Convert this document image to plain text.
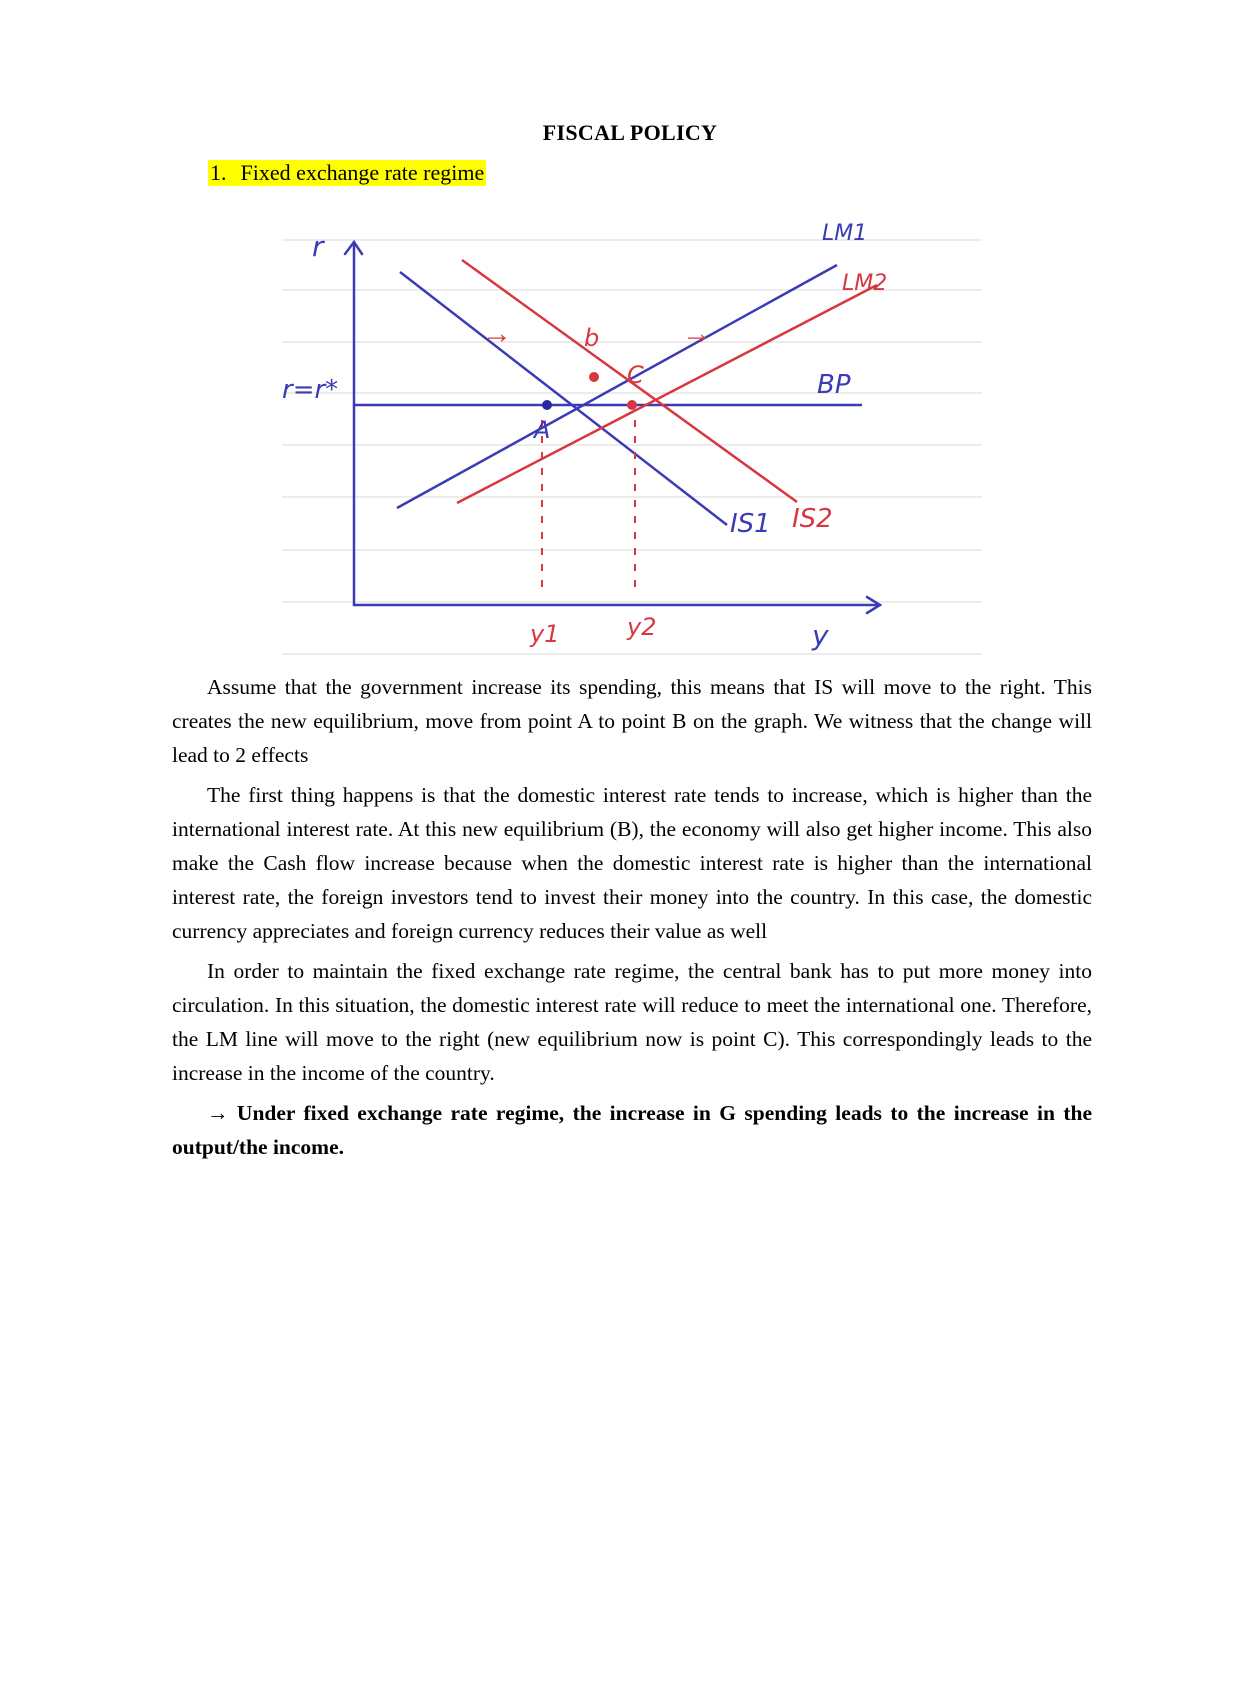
FISCAL POLICY
1. Fixed exchange rate regime
r
y
r=r*
LM1
LM2
BP
IS1 IS2
A
b
C
y1	y2
→	→

Assume that the government increase its spending, this means that IS will move to the right. This creates the new equilibrium, move from point A to point B on the graph. We witness that the change will lead to 2 effects

The first thing happens is that the domestic interest rate tends to increase, which is higher than the international interest rate. At this new equilibrium (B), the economy will also get higher income. This also make the Cash flow increase because when the domestic interest rate is higher than the international interest rate, the foreign investors tend to invest their money into the country. In this case, the domestic currency appreciates and foreign currency reduces their value as well

In order to maintain the fixed exchange rate regime, the central bank has to put more money into circulation. In this situation, the domestic interest rate will reduce to meet the international one. Therefore, the LM line will move to the right (new equilibrium now is point C). This correspondingly leads to the increase in the income of the country.

→ Under fixed exchange rate regime, the increase in G spending leads to the increase in the output/the income.
